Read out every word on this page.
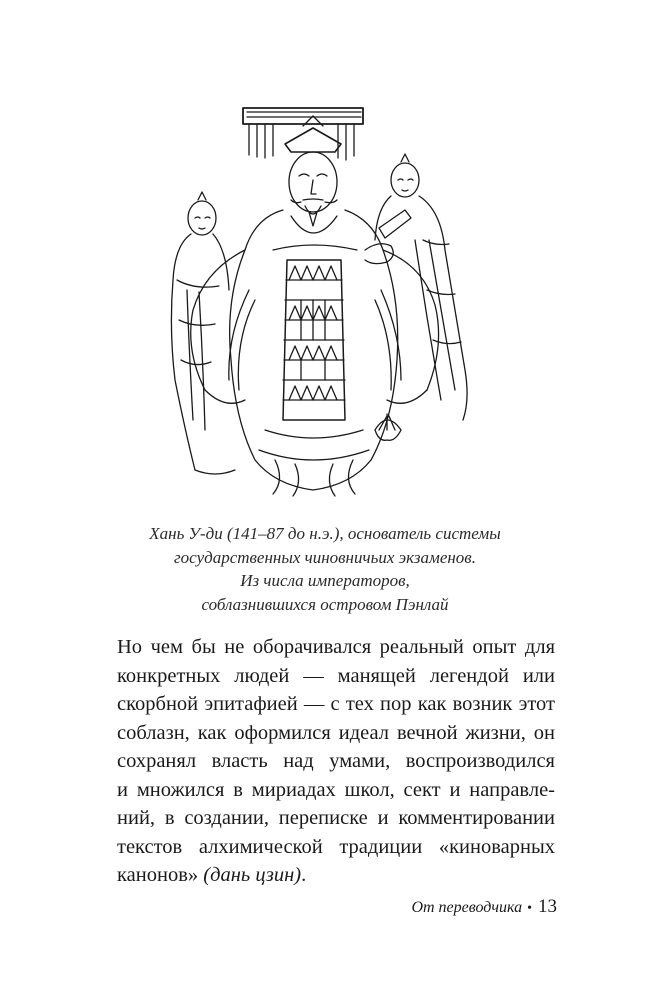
Хань У-ди (141–87 до н.э.), основатель системы
государственных чиновничьих экзаменов.
Из числа императоров,
соблазнившихся островом Пэнлай
Но чем бы не оборачивался реальный опыт для
конкретных людей — манящей легендой или
скорбной эпитафией — с тех пор как возник этот
соблазн, как оформился идеал вечной жизни, он
сохранял власть над умами, воспроизводился
и множился в мириадах школ, сект и направле-
ний, в создании, переписке и комментировании
текстов алхимической традиции «киноварных
канонов» (дань цзин).
От переводчика • 13
